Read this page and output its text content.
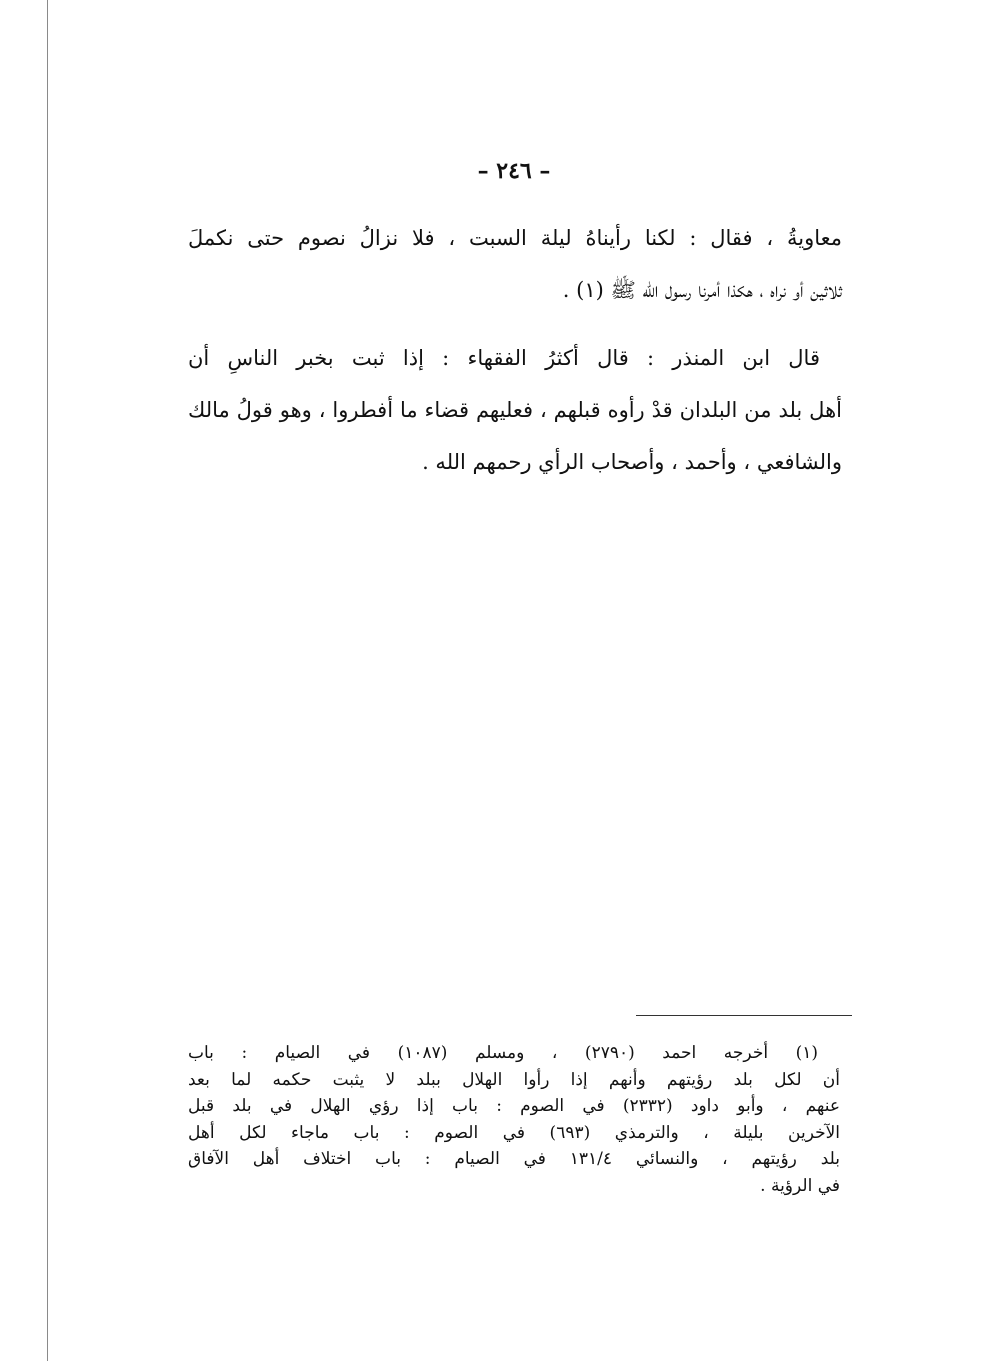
– ٢٤٦ –
معاويةُ ، فقال : لكنا رأيناهُ ليلة السبت ، فلا نزالُ نصوم حتى نكملَ
ثلاثين أو نراه ، هكذا أمرنا رسول الله ﷺ (١) .
قال ابن المنذر : قال أكثرُ الفقهاء : إذا ثبت بخبر الناسِ أن
أهل بلد من البلدان قدْ رأوه قبلهم ، فعليهم قضاء ما أفطروا ، وهو قولُ مالك
والشافعي ، وأحمد ، وأصحاب الرأي رحمهم الله .
(١) أخرجه احمد (٢٧٩٠) ، ومسلم (١٠٨٧) في الصيام : باب
أن لكل بلد رؤيتهم وأنهم إذا رأوا الهلال ببلد لا يثبت حكمه لما بعد
عنهم ، وأبو داود (٢٣٣٢) في الصوم : باب إذا رؤي الهلال في بلد قبل
الآخرين بليلة ، والترمذي (٦٩٣) في الصوم : باب ماجاء لكل أهل
بلد رؤيتهم ، والنسائي ١٣١/٤ في الصيام : باب اختلاف أهل الآفاق
في الرؤية .
